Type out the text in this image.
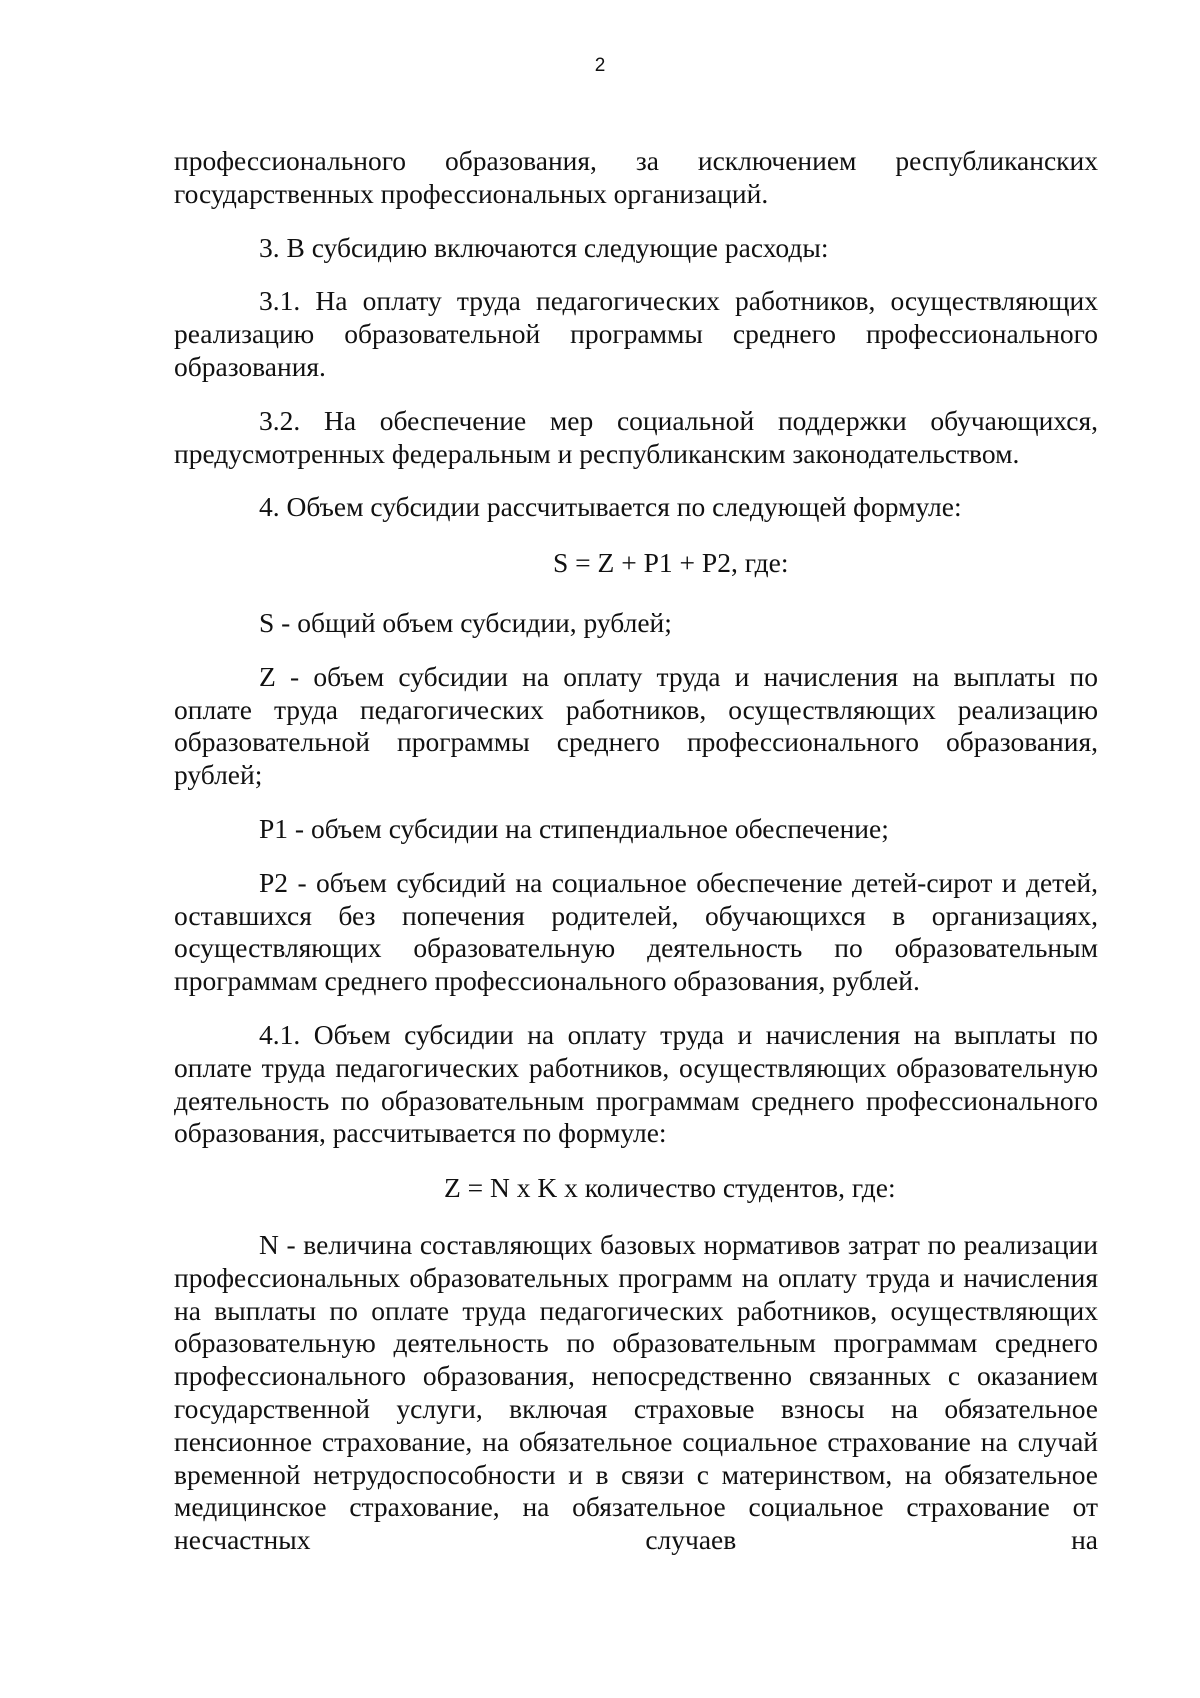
2

профессионального образования, за исключением республиканских государственных профессиональных организаций.

3. В субсидию включаются следующие расходы:

3.1. На оплату труда педагогических работников, осуществляющих реализацию образовательной программы среднего профессионального образования.

3.2. На обеспечение мер социальной поддержки обучающихся, предусмотренных федеральным и республиканским законодательством.

4. Объем субсидии рассчитывается по следующей формуле:

S = Z + P1 + P2, где:

S - общий объем субсидии, рублей;

Z - объем субсидии на оплату труда и начисления на выплаты по оплате труда педагогических работников, осуществляющих реализацию образовательной программы среднего профессионального образования, рублей;

P1 - объем субсидии на стипендиальное обеспечение;

P2 - объем субсидий на социальное обеспечение детей-сирот и детей, оставшихся без попечения родителей, обучающихся в организациях, осуществляющих образовательную деятельность по образовательным программам среднего профессионального образования, рублей.

4.1. Объем субсидии на оплату труда и начисления на выплаты по оплате труда педагогических работников, осуществляющих образовательную деятельность по образовательным программам среднего профессионального образования, рассчитывается по формуле:

Z = N x K x количество студентов, где:

N - величина составляющих базовых нормативов затрат по реализации профессиональных образовательных программ на оплату труда и начисления на выплаты по оплате труда педагогических работников, осуществляющих образовательную деятельность по образовательным программам среднего профессионального образования, непосредственно связанных с оказанием государственной услуги, включая страховые взносы на обязательное пенсионное страхование, на обязательное социальное страхование на случай временной нетрудоспособности и в связи с материнством, на обязательное медицинское страхование, на обязательное социальное страхование от несчастных случаев на
